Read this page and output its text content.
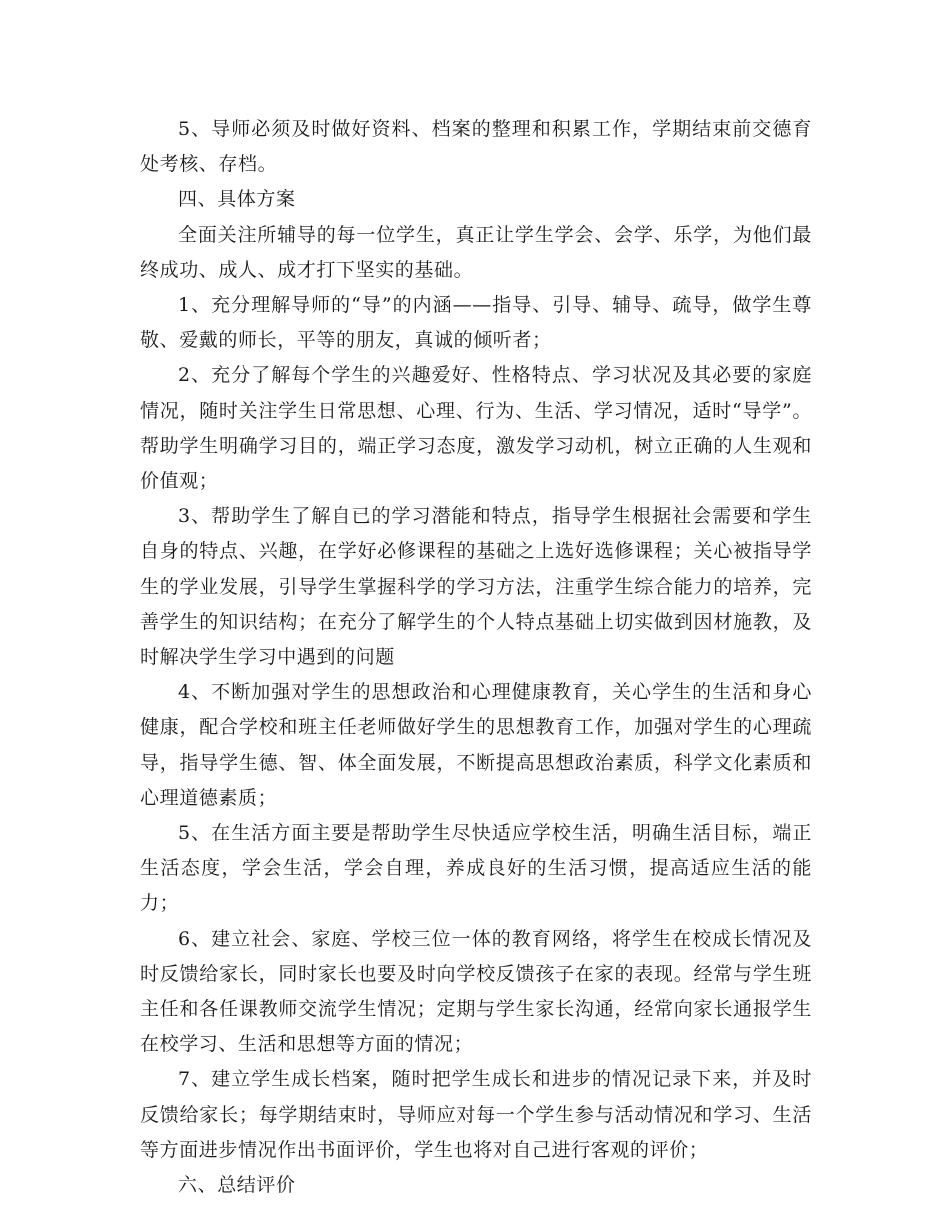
5、导师必须及时做好资料、档案的整理和积累工作，学期结束前交德育处考核、存档。

四、具体方案

全面关注所辅导的每一位学生，真正让学生学会、会学、乐学，为他们最终成功、成人、成才打下坚实的基础。

1、充分理解导师的“导”的内涵——指导、引导、辅导、疏导，做学生尊敬、爱戴的师长，平等的朋友，真诚的倾听者；

2、充分了解每个学生的兴趣爱好、性格特点、学习状况及其必要的家庭情况，随时关注学生日常思想、心理、行为、生活、学习情况，适时“导学”。帮助学生明确学习目的，端正学习态度，激发学习动机，树立正确的人生观和价值观；

3、帮助学生了解自已的学习潜能和特点，指导学生根据社会需要和学生自身的特点、兴趣，在学好必修课程的基础之上选好选修课程；关心被指导学生的学业发展，引导学生掌握科学的学习方法，注重学生综合能力的培养，完善学生的知识结构；在充分了解学生的个人特点基础上切实做到因材施教，及时解决学生学习中遇到的问题

4、不断加强对学生的思想政治和心理健康教育，关心学生的生活和身心健康，配合学校和班主任老师做好学生的思想教育工作，加强对学生的心理疏导，指导学生德、智、体全面发展，不断提高思想政治素质，科学文化素质和心理道德素质；

5、在生活方面主要是帮助学生尽快适应学校生活，明确生活目标，端正生活态度，学会生活，学会自理，养成良好的生活习惯，提高适应生活的能力；

6、建立社会、家庭、学校三位一体的教育网络，将学生在校成长情况及时反馈给家长，同时家长也要及时向学校反馈孩子在家的表现。经常与学生班主任和各任课教师交流学生情况；定期与学生家长沟通，经常向家长通报学生在校学习、生活和思想等方面的情况；

7、建立学生成长档案，随时把学生成长和进步的情况记录下来，并及时反馈给家长；每学期结束时，导师应对每一个学生参与活动情况和学习、生活等方面进步情况作出书面评价，学生也将对自己进行客观的评价；

六、总结评价
